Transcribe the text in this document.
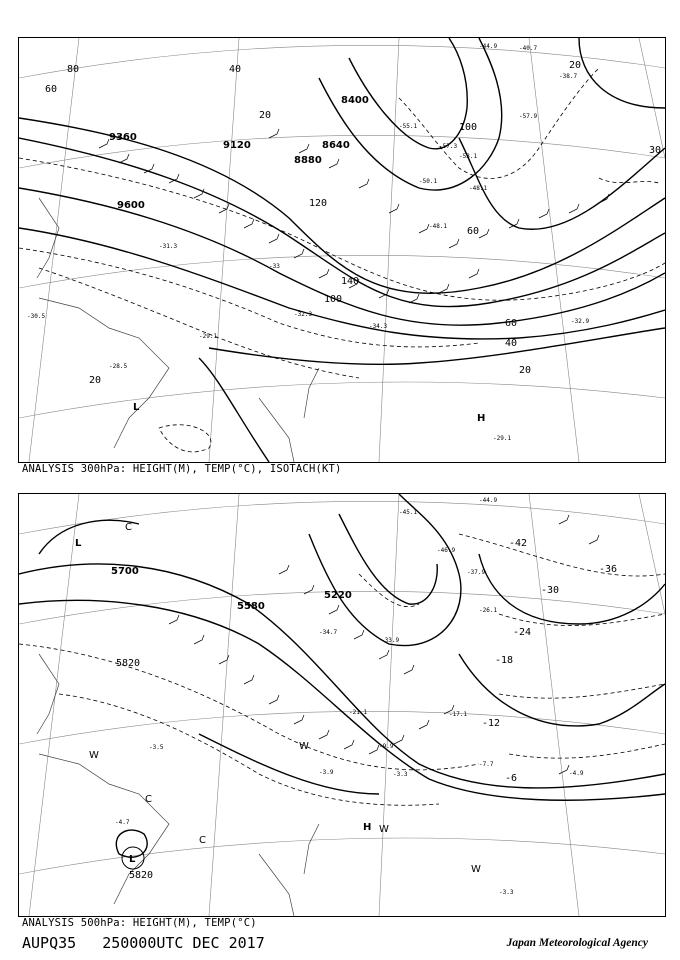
9360
9120
8880
8640
8400
9600
80
60
40
20
140
100
120
60
40
20
20
100
60
30
20
L
H
-29.1
-29.1
-28.5
-30.5
-31.3
-33
-34.3
-32.3
-55.1
-57.3
-53.1
-50.1
-48.1
-48.1
-57.9
-44.9	-40.7
-32.9
-38.7
ANALYSIS 300hPa: HEIGHT(M), TEMP(°C), ISOTACH(KT)
5700
5580
5220
5820
5820
-42
-36
-30
-24
-18
-12
-6
L
L
C
C
C
W
W
H W
W
-44.9
-45.1
-46.9
-37.9
-26.1
-34.7
-33.9
-21.1	-17.1
-9.9
-3.9	-3.3
-4.7
-3.5
-4.9
-7.7
-3.3
ANALYSIS 500hPa: HEIGHT(M), TEMP(°C)
AUPQ35 250000UTC DEC 2017	Japan Meteorological Agency
